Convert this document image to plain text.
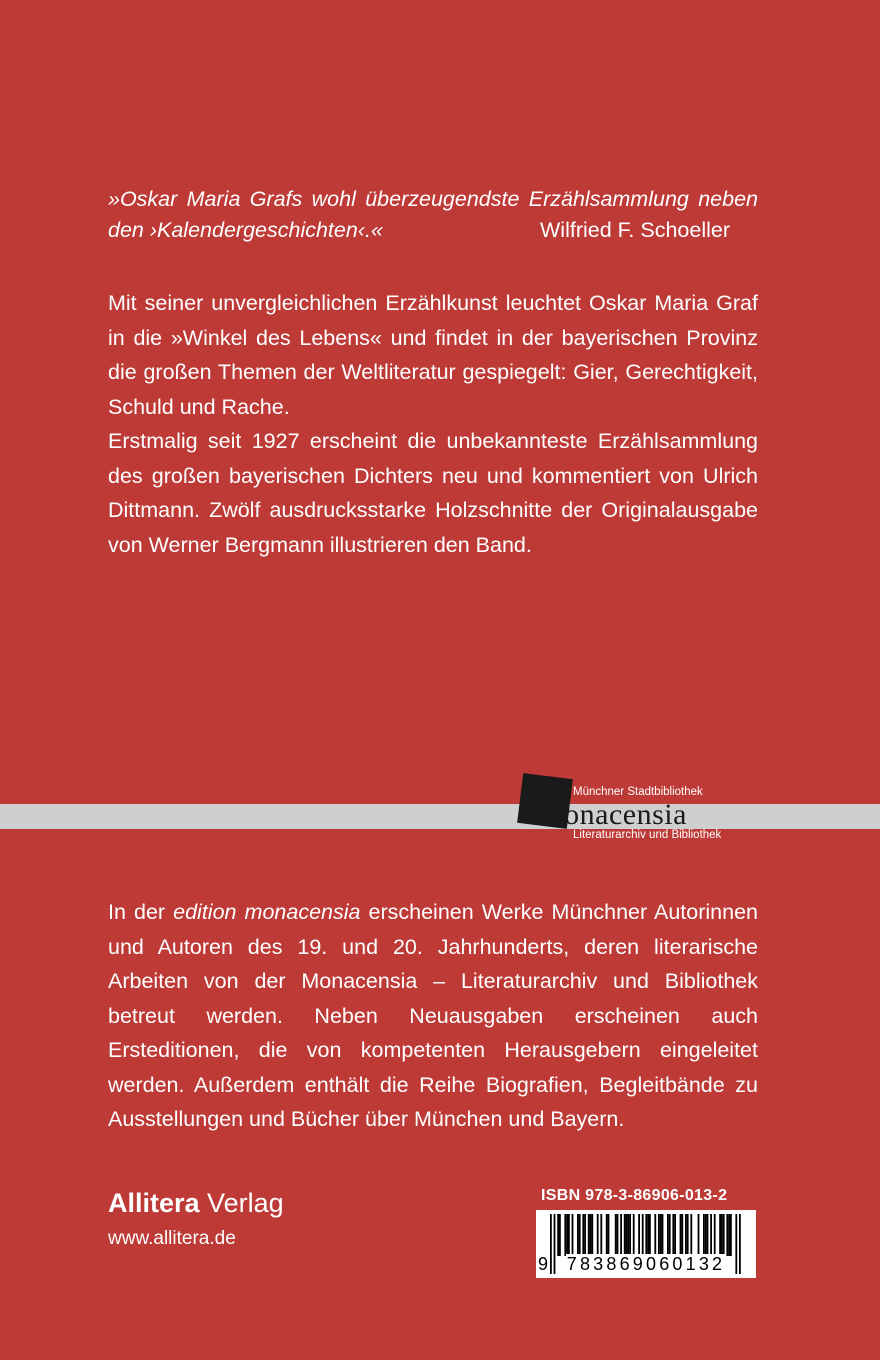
»Oskar Maria Grafs wohl überzeugendste Erzählsammlung neben
den ›Kalendergeschichten‹.«	Wilfried F. Schoeller

Mit seiner unvergleichlichen Erzählkunst leuchtet Oskar Maria Graf in die »Winkel des Lebens« und findet in der bayerischen Provinz die großen Themen der Weltliteratur gespiegelt: Gier, Gerechtigkeit, Schuld und Rache.

Erstmalig seit 1927 erscheint die unbekannteste Erzählsammlung des großen bayerischen Dichters neu und kommentiert von Ulrich Dittmann. Zwölf ausdrucksstarke Holzschnitte der Originalausgabe von Werner Bergmann illustrieren den Band.

Münchner Stadtbibliothek
Monacensia
Literaturarchiv und Bibliothek
In der edition monacensia erscheinen Werke Münchner Autorinnen und Autoren des 19. und 20. Jahrhunderts, deren literarische Arbeiten von der Monacensia – Literaturarchiv und Bibliothek betreut werden. Neben Neuausgaben erscheinen auch Ersteditionen, die von kompetenten Herausgebern eingeleitet werden. Außerdem enthält die Reihe Biografien, Begleitbände zu Ausstellungen und Bücher über München und Bayern.
Allitera Verlag
www.allitera.de
ISBN 978-3-86906-013-2
9	783869060132
